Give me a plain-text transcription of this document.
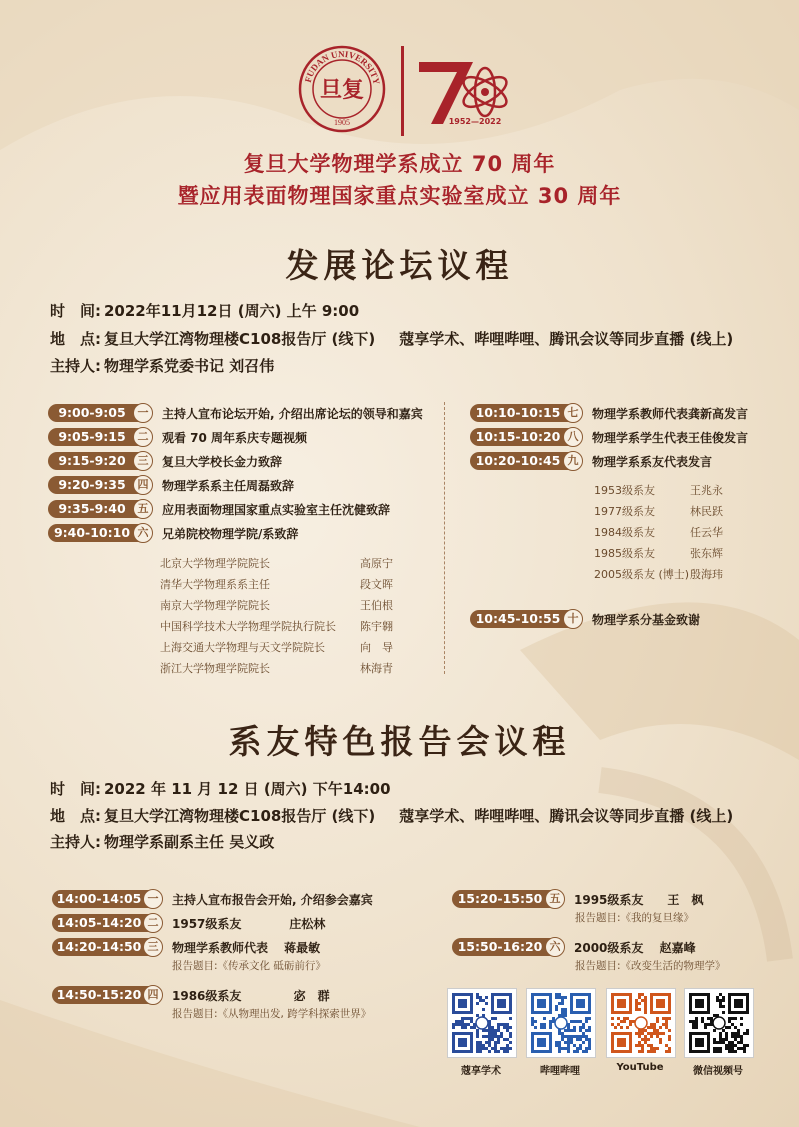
FUDAN UNIVERSITY
旦复
1905	1952—2022
复旦大学物理学系成立 70 周年
暨应用表面物理国家重点实验室成立 30 周年
发展论坛议程
时　间: 2022年11月12日 (周六) 上午 9:00
地　点: 复旦大学江湾物理楼C108报告厅 (线下) 蔻享学术、哔哩哔哩、腾讯会议等同步直播 (线上)
主持人: 物理学系党委书记 刘召伟
9:00-9:05	一	主持人宣布论坛开始, 介绍出席论坛的领导和嘉宾
9:05-9:15	二	观看 70 周年系庆专题视频
9:15-9:20	三	复旦大学校长金力致辞
9:20-9:35	四	物理学系系主任周磊致辞
9:35-9:40	五	应用表面物理国家重点实验室主任沈健致辞
9:40-10:10 六	兄弟院校物理学院/系致辞
北京大学物理学院院长	高原宁
清华大学物理系系主任	段文晖
南京大学物理学院院长	王伯根
中国科学技术大学物理学院执行院长 陈宇翱
上海交通大学物理与天文学院院长	向　导
浙江大学物理学院院长	林海青
10:10-10:15 七	物理学系教师代表龚新高发言
10:15-10:20 八	物理学系学生代表王佳俊发言
10:20-10:45 九	物理学系系友代表发言
1953级系友	王兆永
1977级系友	林民跃
1984级系友	任云华
1985级系友	张东辉
2005级系友 (博士) 殷海玮
10:45-10:55 十	物理学系分基金致谢
系友特色报告会议程
时　间: 2022 年 11 月 12 日 (周六) 下午14:00
地　点: 复旦大学江湾物理楼C108报告厅 (线下) 蔻享学术、哔哩哔哩、腾讯会议等同步直播 (线上)
主持人: 物理学系副系主任 吴义政
14:00-14:05 一	主持人宣布报告会开始, 介绍参会嘉宾
14:05-14:20 二	1957级系友　　　　庄松林
14:20-14:50 三	物理学系教师代表　 蒋最敏
报告题目:《传承文化 砥砺前行》
14:50-15:20 四	1986级系友　　　　 宓　群
报告题目:《从物理出发, 跨学科探索世界》
15:20-15:50 五	1995级系友　　王　枫
报告题目:《我的复旦缘》
15:50-16:20 六	2000级系友　 赵嘉峰
报告题目:《改变生活的物理学》
蔻享学术	哔哩哔哩	YouTube	微信视频号
